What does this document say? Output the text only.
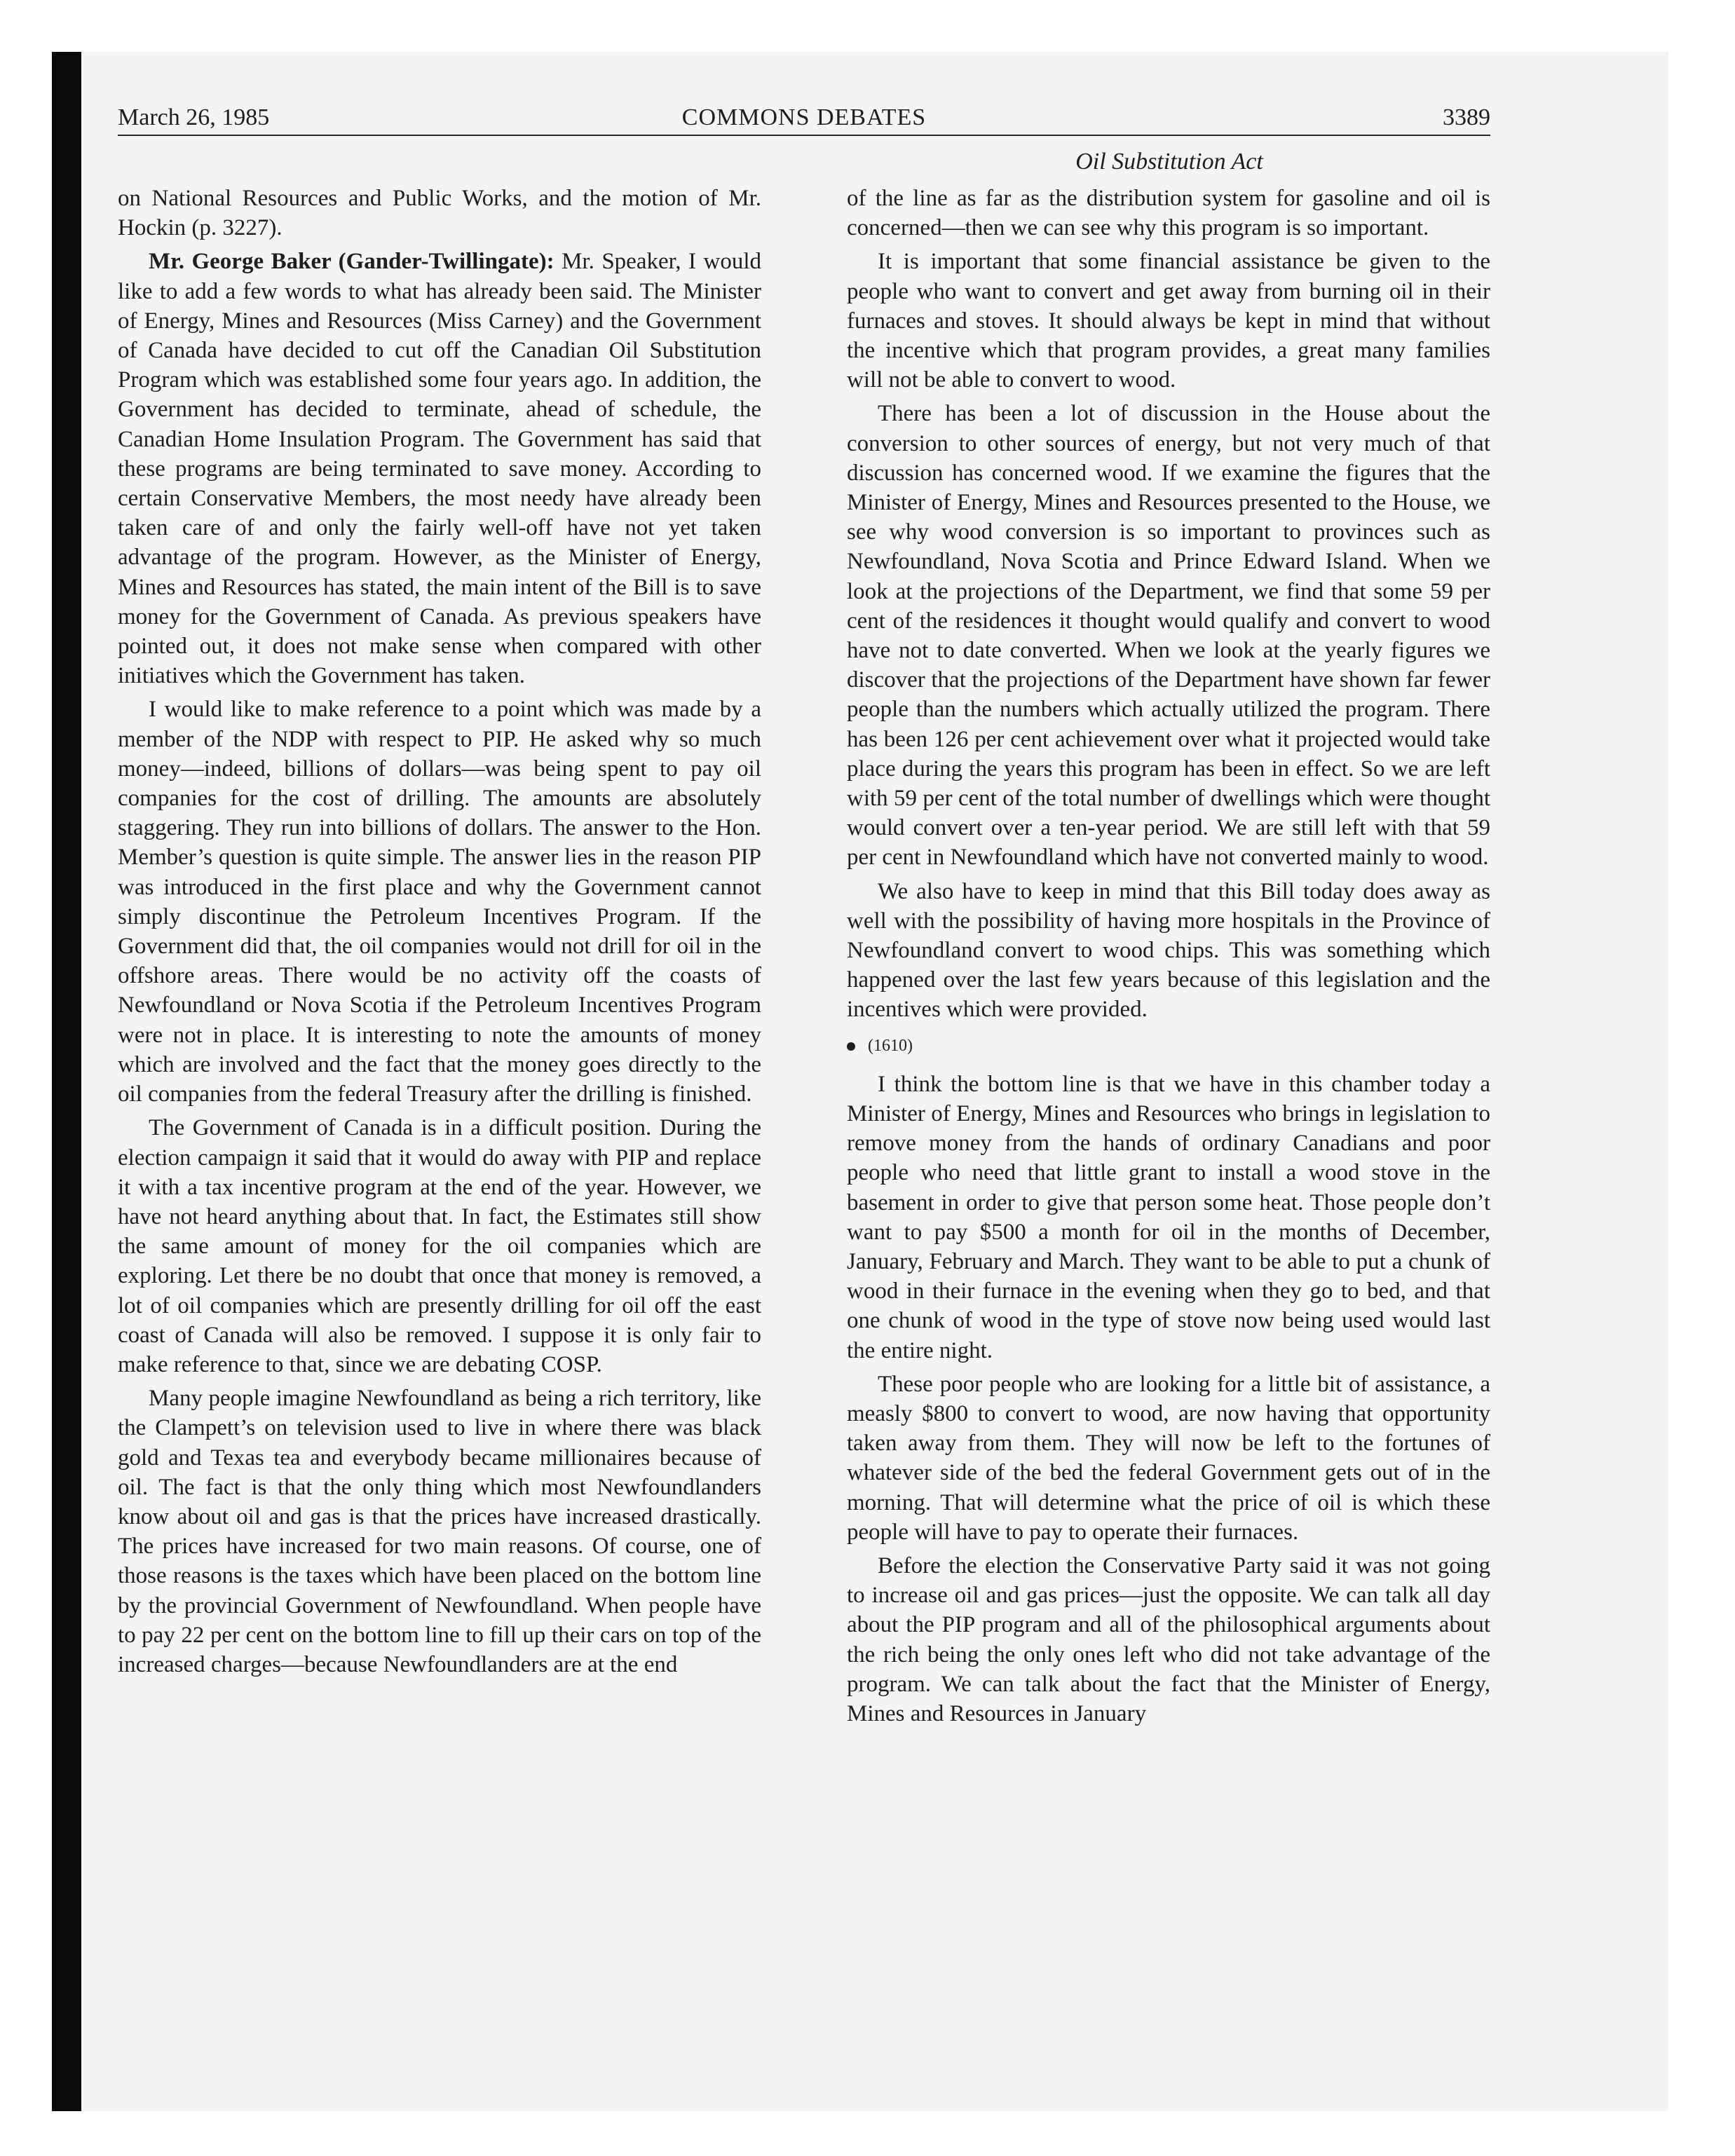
March 26, 1985	COMMONS DEBATES	3389
Oil Substitution Act

on National Resources and Public Works, and the motion of Mr. Hockin (p. 3227).

Mr. George Baker (Gander-Twillingate): Mr. Speaker, I would like to add a few words to what has already been said. The Minister of Energy, Mines and Resources (Miss Carney) and the Government of Canada have decided to cut off the Canadian Oil Substitution Program which was established some four years ago. In addition, the Government has decided to terminate, ahead of schedule, the Canadian Home Insulation Program. The Government has said that these programs are being terminated to save money. According to certain Conservative Members, the most needy have already been taken care of and only the fairly well-off have not yet taken advantage of the program. However, as the Minister of Energy, Mines and Resources has stated, the main intent of the Bill is to save money for the Government of Canada. As previous speakers have pointed out, it does not make sense when compared with other initiatives which the Government has taken.

I would like to make reference to a point which was made by a member of the NDP with respect to PIP. He asked why so much money—indeed, billions of dollars—was being spent to pay oil companies for the cost of drilling. The amounts are absolutely staggering. They run into billions of dollars. The answer to the Hon. Member’s question is quite simple. The answer lies in the reason PIP was introduced in the first place and why the Government cannot simply discontinue the Petroleum Incentives Program. If the Government did that, the oil companies would not drill for oil in the offshore areas. There would be no activity off the coasts of Newfoundland or Nova Scotia if the Petroleum Incentives Program were not in place. It is interesting to note the amounts of money which are involved and the fact that the money goes directly to the oil companies from the federal Treasury after the drilling is finished.

The Government of Canada is in a difficult position. During the election campaign it said that it would do away with PIP and replace it with a tax incentive program at the end of the year. However, we have not heard anything about that. In fact, the Estimates still show the same amount of money for the oil companies which are exploring. Let there be no doubt that once that money is removed, a lot of oil companies which are presently drilling for oil off the east coast of Canada will also be removed. I suppose it is only fair to make reference to that, since we are debating COSP.

Many people imagine Newfoundland as being a rich territory, like the Clampett’s on television used to live in where there was black gold and Texas tea and everybody became millionaires because of oil. The fact is that the only thing which most Newfoundlanders know about oil and gas is that the prices have increased drastically. The prices have increased for two main reasons. Of course, one of those reasons is the taxes which have been placed on the bottom line by the provincial Government of Newfoundland. When people have to pay 22 per cent on the bottom line to fill up their cars on top of the increased charges—because Newfoundlanders are at the end

of the line as far as the distribution system for gasoline and oil is concerned—then we can see why this program is so important.

It is important that some financial assistance be given to the people who want to convert and get away from burning oil in their furnaces and stoves. It should always be kept in mind that without the incentive which that program provides, a great many families will not be able to convert to wood.

There has been a lot of discussion in the House about the conversion to other sources of energy, but not very much of that discussion has concerned wood. If we examine the figures that the Minister of Energy, Mines and Resources presented to the House, we see why wood conversion is so important to provinces such as Newfoundland, Nova Scotia and Prince Edward Island. When we look at the projections of the Department, we find that some 59 per cent of the residences it thought would qualify and convert to wood have not to date converted. When we look at the yearly figures we discover that the projections of the Department have shown far fewer people than the numbers which actually utilized the program. There has been 126 per cent achievement over what it projected would take place during the years this program has been in effect. So we are left with 59 per cent of the total number of dwellings which were thought would convert over a ten-year period. We are still left with that 59 per cent in Newfoundland which have not converted mainly to wood.

We also have to keep in mind that this Bill today does away as well with the possibility of having more hospitals in the Province of Newfoundland convert to wood chips. This was something which happened over the last few years because of this legislation and the incentives which were provided.

(1610)

I think the bottom line is that we have in this chamber today a Minister of Energy, Mines and Resources who brings in legislation to remove money from the hands of ordinary Canadians and poor people who need that little grant to install a wood stove in the basement in order to give that person some heat. Those people don’t want to pay $500 a month for oil in the months of December, January, February and March. They want to be able to put a chunk of wood in their furnace in the evening when they go to bed, and that one chunk of wood in the type of stove now being used would last the entire night.

These poor people who are looking for a little bit of assistance, a measly $800 to convert to wood, are now having that opportunity taken away from them. They will now be left to the fortunes of whatever side of the bed the federal Government gets out of in the morning. That will determine what the price of oil is which these people will have to pay to operate their furnaces.

Before the election the Conservative Party said it was not going to increase oil and gas prices—just the opposite. We can talk all day about the PIP program and all of the philosophical arguments about the rich being the only ones left who did not take advantage of the program. We can talk about the fact that the Minister of Energy, Mines and Resources in January
